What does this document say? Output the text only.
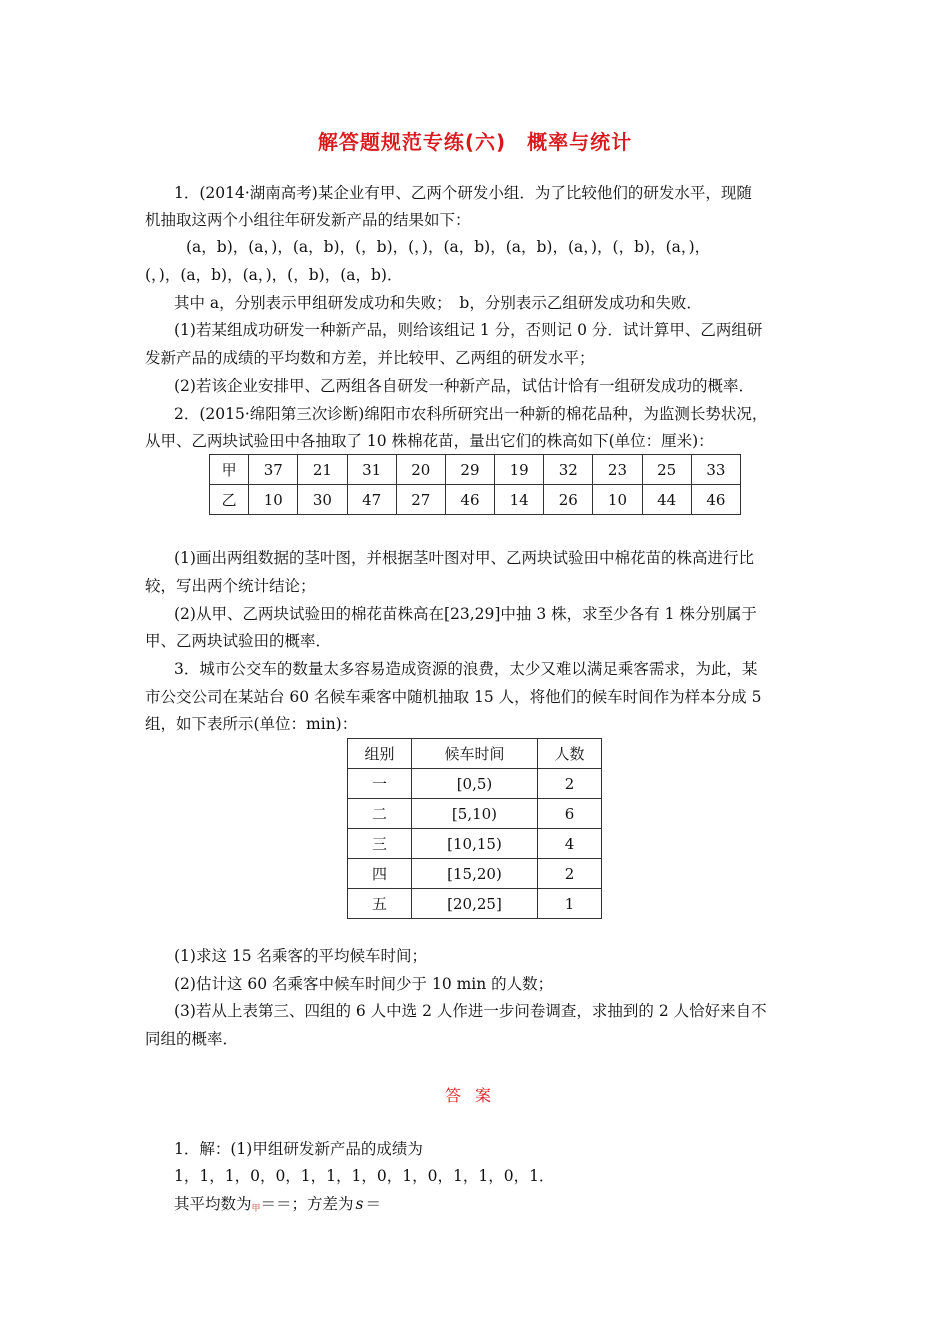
解答题规范专练(六)　概率与统计
1．(2014·湖南高考)某企业有甲、乙两个研发小组．为了比较他们的研发水平，现随
机抽取这两个小组往年研发新产品的结果如下：
(a，b)，(a，)，(a，b)，(，b)，(，)，(a，b)，(a，b)，(a，)，(，b)，(a，)，
(，)，(a，b)，(a，)，(，b)，(a，b)．
其中 a，分别表示甲组研发成功和失败；　b，分别表示乙组研发成功和失败．
(1)若某组成功研发一种新产品，则给该组记 1 分，否则记 0 分．试计算甲、乙两组研
发新产品的成绩的平均数和方差，并比较甲、乙两组的研发水平；
(2)若该企业安排甲、乙两组各自研发一种新产品，试估计恰有一组研发成功的概率．
2．(2015·绵阳第三次诊断)绵阳市农科所研究出一种新的棉花品种，为监测长势状况，
从甲、乙两块试验田中各抽取了 10 株棉花苗，量出它们的株高如下(单位：厘米)：
甲	37	21	31	20	29	19	32	23	25	33
乙	10	30	47	27	46	14	26	10	44	46
(1)画出两组数据的茎叶图，并根据茎叶图对甲、乙两块试验田中棉花苗的株高进行比
较，写出两个统计结论；
(2)从甲、乙两块试验田的棉花苗株高在[23,29]中抽 3 株，求至少各有 1 株分别属于
甲、乙两块试验田的概率．
3．城市公交车的数量太多容易造成资源的浪费，太少又难以满足乘客需求，为此，某
市公交公司在某站台 60 名候车乘客中随机抽取 15 人，将他们的候车时间作为样本分成 5
组，如下表所示(单位：min)：
组别	候车时间	人数
一	[0,5)	2
二	[5,10)	6
三	[10,15)	4
四	[15,20)	2
五	[20,25]	1
(1)求这 15 名乘客的平均候车时间；
(2)估计这 60 名乘客中候车时间少于 10 min 的人数；
(3)若从上表第三、四组的 6 人中选 2 人作进一步问卷调查，求抽到的 2 人恰好来自不
同组的概率．
答案
1．解：(1)甲组研发新产品的成绩为
1，1，1，0，0，1，1，1，0，1，0，1，1，0，1．
其平均数为甲＝＝；方差为 s ＝
